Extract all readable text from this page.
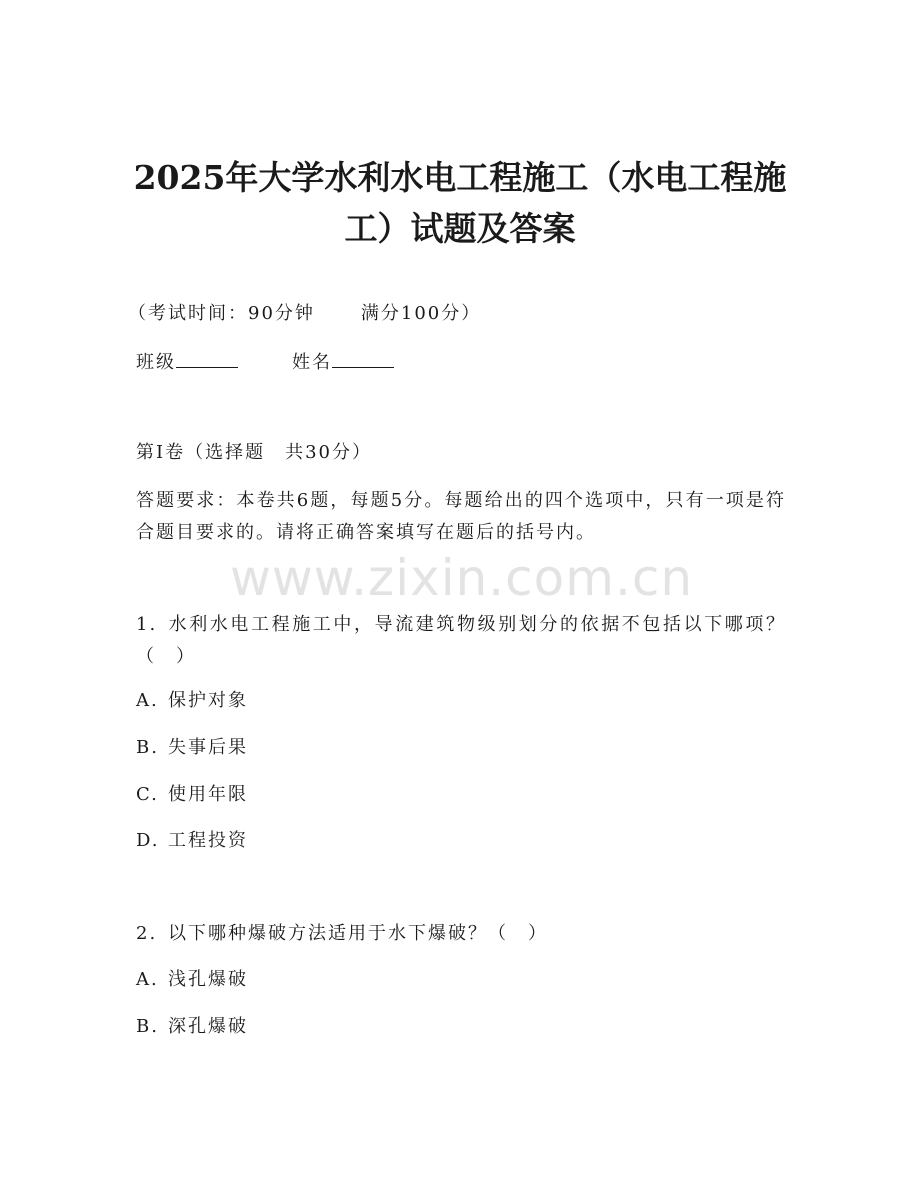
2025年大学水利水电工程施工（水电工程施工）试题及答案
（考试时间：90分钟	满分100分）
班级	姓名
第Ⅰ卷（选择题　共30分）
答题要求：本卷共6题，每题5分。每题给出的四个选项中，只有一项是符合题目要求的。请将正确答案填写在题后的括号内。
www.zixin.com.cn
1. 水利水电工程施工中，导流建筑物级别划分的依据不包括以下哪项？（　）
A. 保护对象
B. 失事后果
C. 使用年限
D. 工程投资
2. 以下哪种爆破方法适用于水下爆破？（　）
A. 浅孔爆破
B. 深孔爆破
